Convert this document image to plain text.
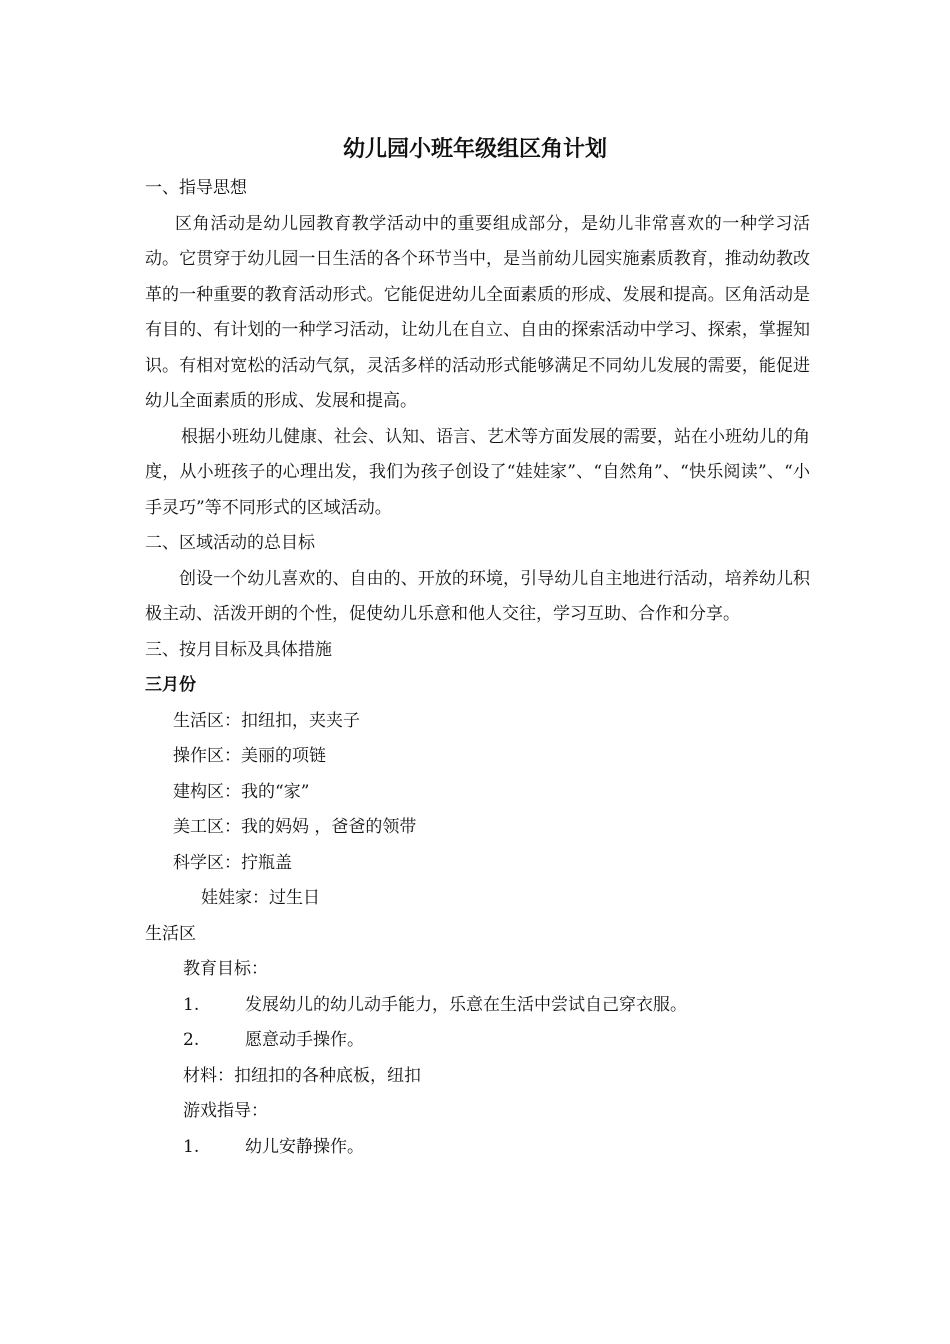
幼儿园小班年级组区角计划
一、指导思想
区角活动是幼儿园教育教学活动中的重要组成部分，是幼儿非常喜欢的一种学习活动。它贯穿于幼儿园一日生活的各个环节当中，是当前幼儿园实施素质教育，推动幼教改革的一种重要的教育活动形式。它能促进幼儿全面素质的形成、发展和提高。区角活动是有目的、有计划的一种学习活动，让幼儿在自立、自由的探索活动中学习、探索，掌握知识。有相对宽松的活动气氛，灵活多样的活动形式能够满足不同幼儿发展的需要，能促进幼儿全面素质的形成、发展和提高。
根据小班幼儿健康、社会、认知、语言、艺术等方面发展的需要，站在小班幼儿的角度，从小班孩子的心理出发，我们为孩子创设了“娃娃家”、“自然角”、“快乐阅读”、“小手灵巧”等不同形式的区域活动。
二、区域活动的总目标
创设一个幼儿喜欢的、自由的、开放的环境，引导幼儿自主地进行活动，培养幼儿积极主动、活泼开朗的个性，促使幼儿乐意和他人交往，学习互助、合作和分享。
三、按月目标及具体措施
三月份
生活区：扣纽扣，夹夹子
操作区：美丽的项链
建构区：我的“家”
美工区：我的妈妈 ，爸爸的领带
科学区：拧瓶盖
娃娃家：过生日
生活区
教育目标：
1.	发展幼儿的幼儿动手能力，乐意在生活中尝试自己穿衣服。
2.	愿意动手操作。
材料：扣纽扣的各种底板，纽扣
游戏指导：
1.	幼儿安静操作。
